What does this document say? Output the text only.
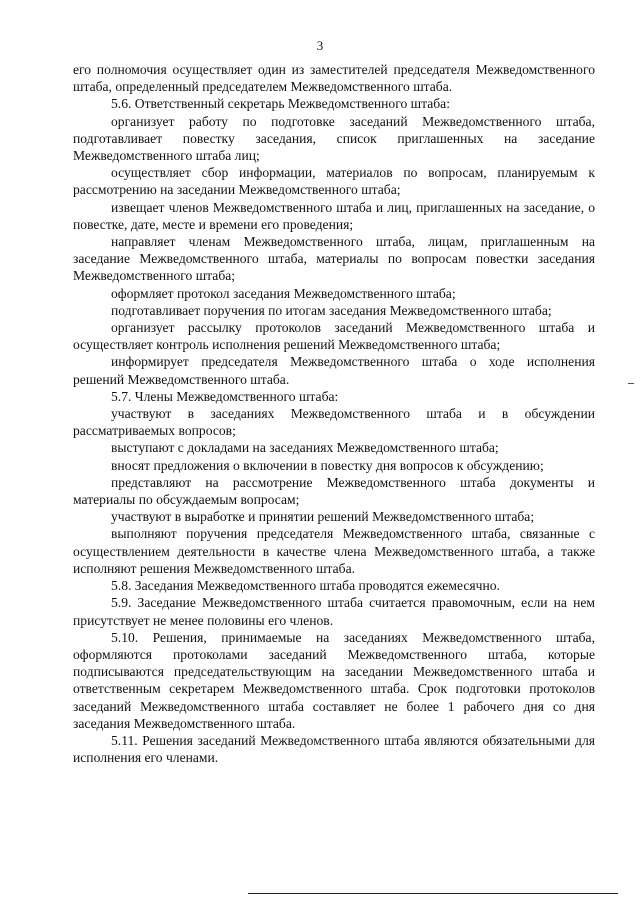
3

его полномочия осуществляет один из заместителей председателя Межведомственного штаба, определенный председателем Межведомственного штаба.

5.6. Ответственный секретарь Межведомственного штаба:

организует работу по подготовке заседаний Межведомственного штаба, подготавливает повестку заседания, список приглашенных на заседание Межведомственного штаба лиц;

осуществляет сбор информации, материалов по вопросам, планируемым к рассмотрению на заседании Межведомственного штаба;

извещает членов Межведомственного штаба и лиц, приглашенных на заседание, о повестке, дате, месте и времени его проведения;

направляет членам Межведомственного штаба, лицам, приглашенным на заседание Межведомственного штаба, материалы по вопросам повестки заседания Межведомственного штаба;

оформляет протокол заседания Межведомственного штаба;

подготавливает поручения по итогам заседания Межведомственного штаба;

организует рассылку протоколов заседаний Межведомственного штаба и осуществляет контроль исполнения решений Межведомственного штаба;

информирует председателя Межведомственного штаба о ходе исполнения решений Межведомственного штаба.

5.7. Члены Межведомственного штаба:

участвуют в заседаниях Межведомственного штаба и в обсуждении рассматриваемых вопросов;

выступают с докладами на заседаниях Межведомственного штаба;

вносят предложения о включении в повестку дня вопросов к обсуждению;

представляют на рассмотрение Межведомственного штаба документы и материалы по обсуждаемым вопросам;

участвуют в выработке и принятии решений Межведомственного штаба;

выполняют поручения председателя Межведомственного штаба, связанные с осуществлением деятельности в качестве члена Межведомственного штаба, а также исполняют решения Межведомственного штаба.

5.8. Заседания Межведомственного штаба проводятся ежемесячно.

5.9. Заседание Межведомственного штаба считается правомочным, если на нем присутствует не менее половины его членов.

5.10. Решения, принимаемые на заседаниях Межведомственного штаба, оформляются протоколами заседаний Межведомственного штаба, которые подписываются председательствующим на заседании Межведомственного штаба и ответственным секретарем Межведомственного штаба. Срок подготовки протоколов заседаний Межведомственного штаба составляет не более 1 рабочего дня со дня заседания Межведомственного штаба.

5.11. Решения заседаний Межведомственного штаба являются обязательными для исполнения его членами.
